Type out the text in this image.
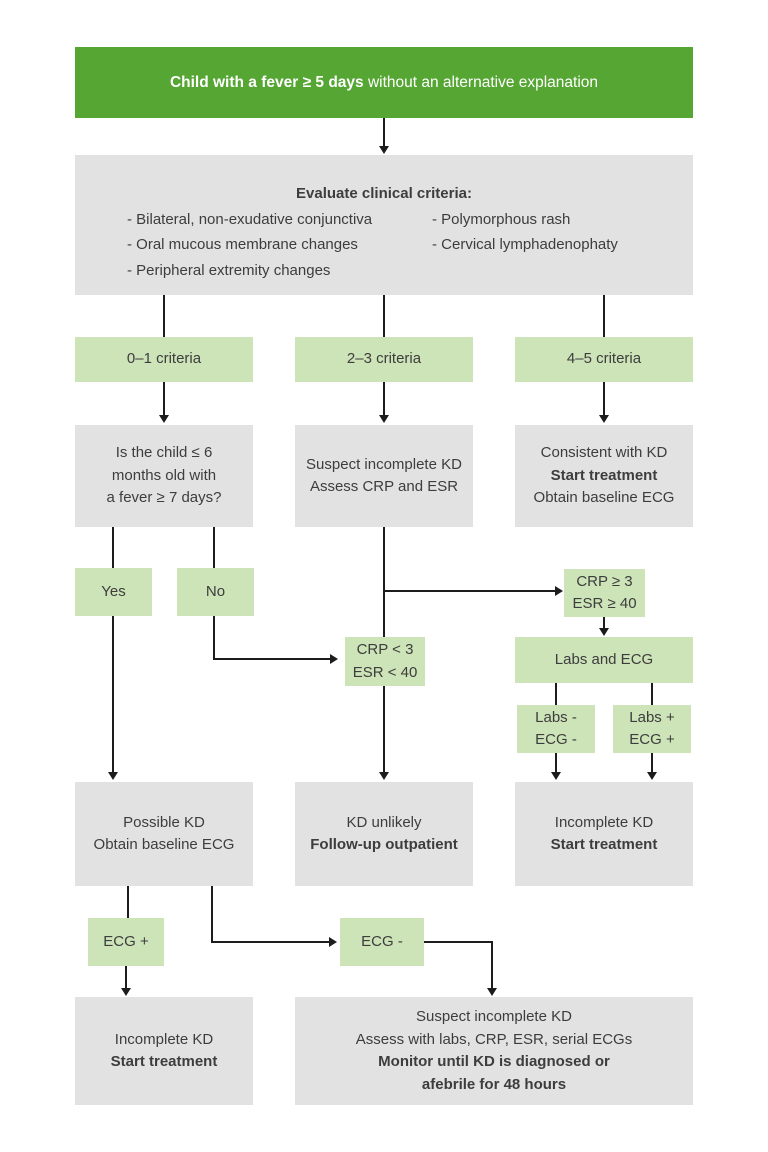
Child with a fever ≥ 5 days without an alternative explanation
Evaluate clinical criteria:
- Bilateral, non-exudative conjunctiva
- Oral mucous membrane changes
- Peripheral extremity changes
- Polymorphous rash
- Cervical lymphadenophaty
0–1 criteria	2–3 criteria	4–5 criteria
Is the child ≤ 6
months old with
a fever ≥ 7 days?
Suspect incomplete KD
Assess CRP and ESR
Consistent with KD
Start treatment
Obtain baseline ECG
Yes	No
CRP ≥ 3
ESR ≥ 40
CRP < 3
ESR < 40
Labs and ECG
Labs -
ECG -
Labs +
ECG +
Possible KD
Obtain baseline ECG
KD unlikely
Follow-up outpatient
Incomplete KD
Start treatment
ECG +	ECG -
Incomplete KD
Start treatment
Suspect incomplete KD
Assess with labs, CRP, ESR, serial ECGs
Monitor until KD is diagnosed or
afebrile for 48 hours
